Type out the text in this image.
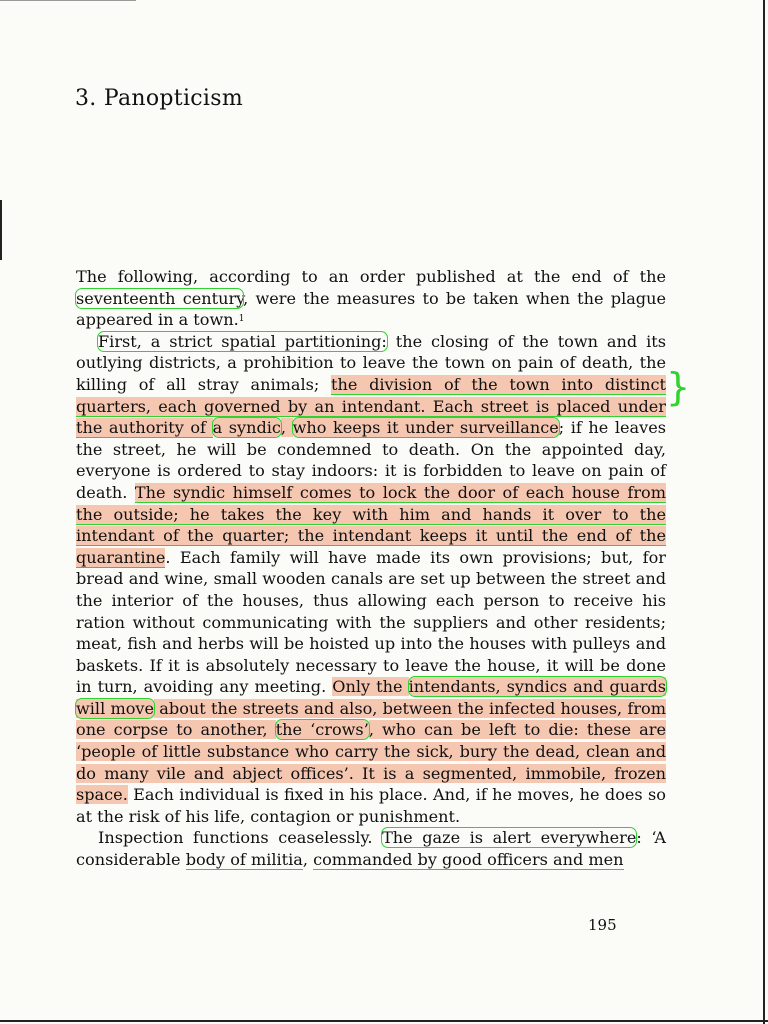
3. Panopticism

The following, according to an order published at the end of the seventeenth century, were the measures to be taken when the plague appeared in a town.$^1$

First, a strict spatial partitioning: the closing of the town and its outlying districts, a prohibition to leave the town on pain of death, the killing of all stray animals; the division of the town into distinct quarters, each governed by an intendant. Each street is placed under the authority of a syndic, who keeps it under surveillance; if he leaves the street, he will be condemned to death. On the appointed day, everyone is ordered to stay indoors: it is forbidden to leave on pain of death. The syndic himself comes to lock the door of each house from the outside; he takes the key with him and hands it over to the intendant of the quarter; the intendant keeps it until the end of the quarantine. Each family will have made its own provisions; but, for bread and wine, small wooden canals are set up between the street and the interior of the houses, thus allowing each person to receive his ration without communicating with the suppliers and other residents; meat, fish and herbs will be hoisted up into the houses with pulleys and baskets. If it is absolutely necessary to leave the house, it will be done in turn, avoiding any meeting. Only the intendants, syndics and guards will move about the streets and also, between the infected houses, from one corpse to another, the ‘crows’, who can be left to die: these are ‘people of little substance who carry the sick, bury the dead, clean and do many vile and abject offices’. It is a segmented, immobile, frozen space. Each individual is fixed in his place. And, if he moves, he does so at the risk of his life, contagion or punishment.

Inspection functions ceaselessly. The gaze is alert everywhere: ‘A considerable body of militia, commanded by good officers and men

}
195
